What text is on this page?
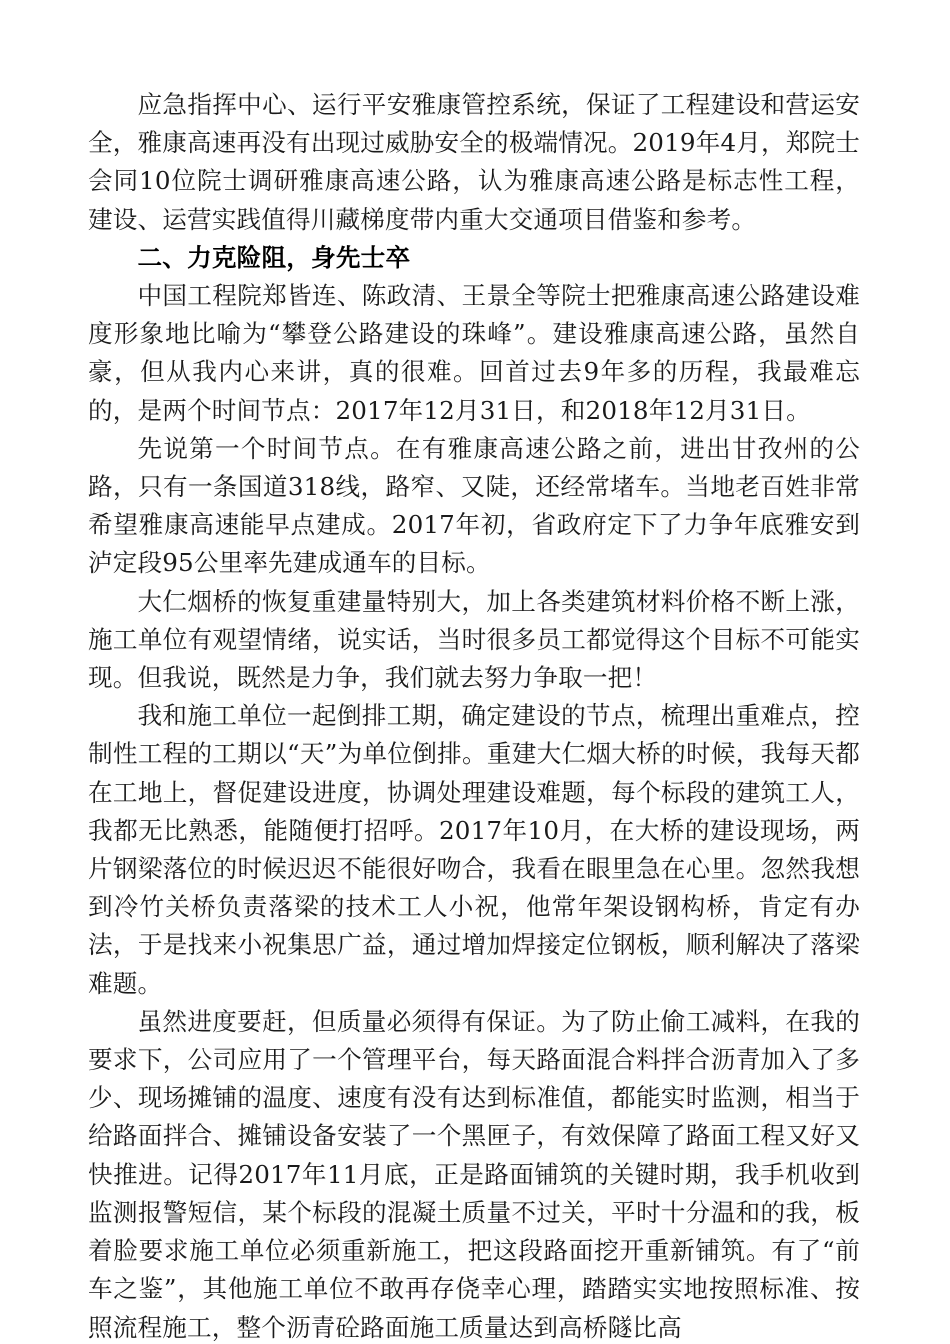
应急指挥中心、运行平安雅康管控系统，保证了工程建设和营运安全，雅康高速再没有出现过威胁安全的极端情况。2019年4月，郑院士会同10位院士调研雅康高速公路，认为雅康高速公路是标志性工程，建设、运营实践值得川藏梯度带内重大交通项目借鉴和参考。

二、力克险阻，身先士卒

中国工程院郑皆连、陈政清、王景全等院士把雅康高速公路建设难度形象地比喻为“攀登公路建设的珠峰”。建设雅康高速公路，虽然自豪，但从我内心来讲，真的很难。回首过去9年多的历程，我最难忘的，是两个时间节点：2017年12月31日，和2018年12月31日。

先说第一个时间节点。在有雅康高速公路之前，进出甘孜州的公路，只有一条国道318线，路窄、又陡，还经常堵车。当地老百姓非常希望雅康高速能早点建成。2017年初，省政府定下了力争年底雅安到泸定段95公里率先建成通车的目标。

大仁烟桥的恢复重建量特别大，加上各类建筑材料价格不断上涨，施工单位有观望情绪，说实话，当时很多员工都觉得这个目标不可能实现。但我说，既然是力争，我们就去努力争取一把！

我和施工单位一起倒排工期，确定建设的节点，梳理出重难点，控制性工程的工期以“天”为单位倒排。重建大仁烟大桥的时候，我每天都在工地上，督促建设进度，协调处理建设难题，每个标段的建筑工人，我都无比熟悉，能随便打招呼。2017年10月，在大桥的建设现场，两片钢梁落位的时候迟迟不能很好吻合，我看在眼里急在心里。忽然我想到冷竹关桥负责落梁的技术工人小祝，他常年架设钢构桥，肯定有办法，于是找来小祝集思广益，通过增加焊接定位钢板，顺利解决了落梁难题。

虽然进度要赶，但质量必须得有保证。为了防止偷工减料，在我的要求下，公司应用了一个管理平台，每天路面混合料拌合沥青加入了多少、现场摊铺的温度、速度有没有达到标准值，都能实时监测，相当于给路面拌合、摊铺设备安装了一个黑匣子，有效保障了路面工程又好又快推进。记得2017年11月底，正是路面铺筑的关键时期，我手机收到监测报警短信，某个标段的混凝土质量不过关，平时十分温和的我，板着脸要求施工单位必须重新施工，把这段路面挖开重新铺筑。有了“前车之鉴”，其他施工单位不敢再存侥幸心理，踏踏实实地按照标准、按照流程施工，整个沥青砼路面施工质量达到高桥隧比高
